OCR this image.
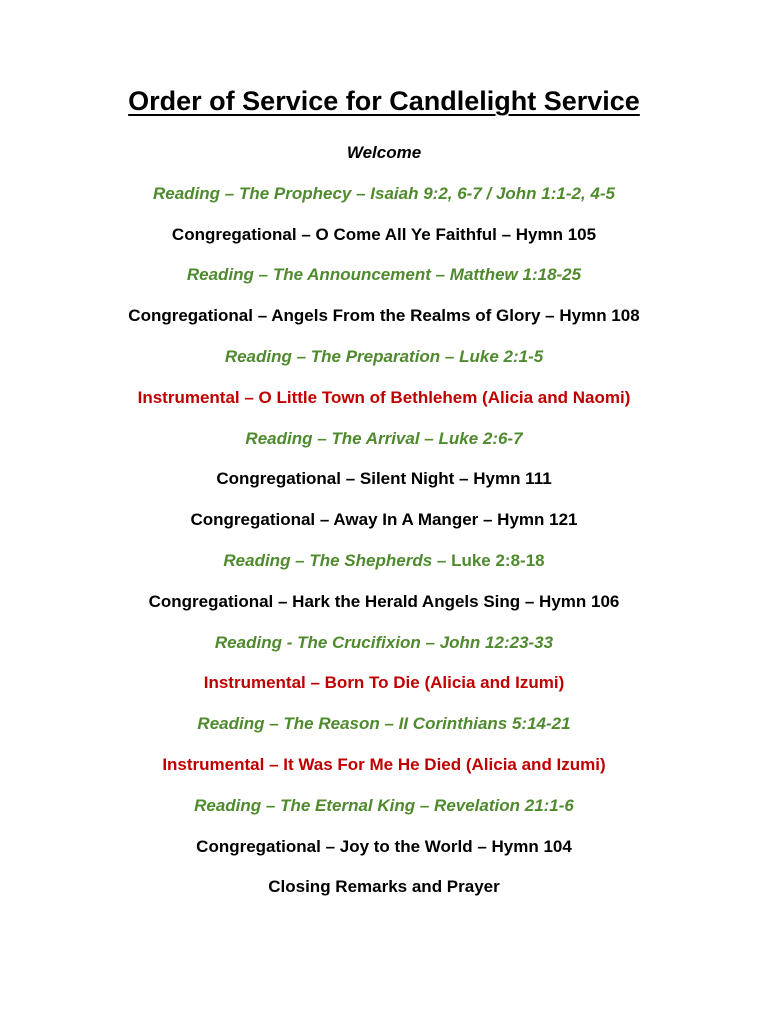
Order of Service for Candlelight Service
Welcome
Reading – The Prophecy – Isaiah 9:2, 6-7 / John 1:1-2, 4-5
Congregational – O Come All Ye Faithful – Hymn 105
Reading – The Announcement – Matthew 1:18-25
Congregational – Angels From the Realms of Glory – Hymn 108
Reading – The Preparation – Luke 2:1-5
Instrumental – O Little Town of Bethlehem (Alicia and Naomi)
Reading – The Arrival – Luke 2:6-7
Congregational – Silent Night – Hymn 111
Congregational – Away In A Manger – Hymn 121
Reading – The Shepherds – Luke 2:8-18
Congregational – Hark the Herald Angels Sing – Hymn 106
Reading - The Crucifixion – John 12:23-33
Instrumental – Born To Die (Alicia and Izumi)
Reading – The Reason – II Corinthians 5:14-21
Instrumental – It Was For Me He Died (Alicia and Izumi)
Reading – The Eternal King – Revelation 21:1-6
Congregational – Joy to the World – Hymn 104
Closing Remarks and Prayer
